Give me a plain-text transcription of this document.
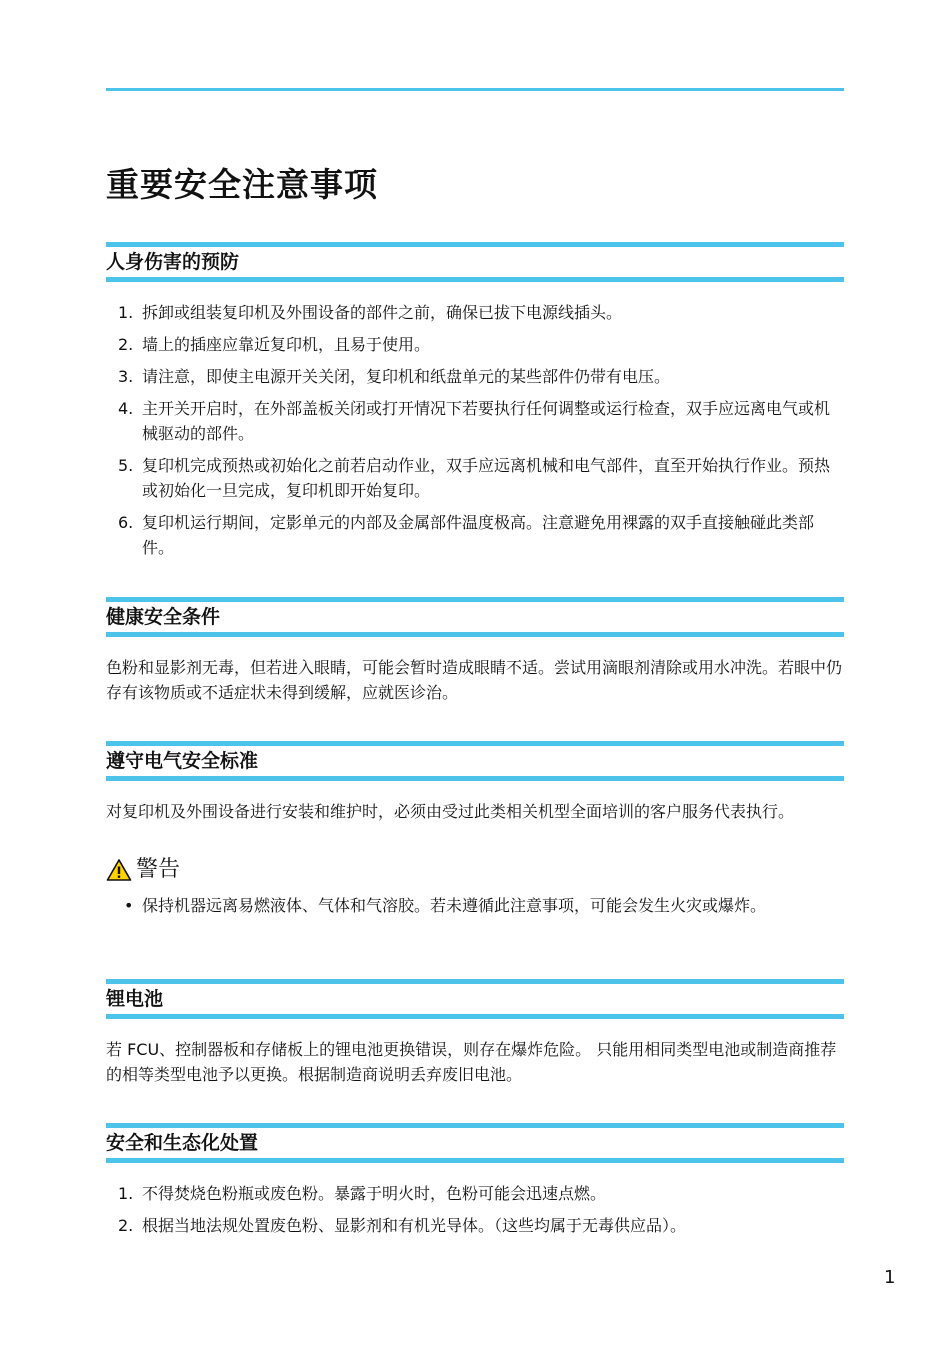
重要安全注意事项
人身伤害的预防
1. 拆卸或组装复印机及外围设备的部件之前，确保已拔下电源线插头。
2. 墙上的插座应靠近复印机，且易于使用。
3. 请注意，即使主电源开关关闭，复印机和纸盘单元的某些部件仍带有电压。
4. 主开关开启时，在外部盖板关闭或打开情况下若要执行任何调整或运行检查，双手应远离电气或机械驱动的部件。
5. 复印机完成预热或初始化之前若启动作业，双手应远离机械和电气部件，直至开始执行作业。预热或初始化一旦完成，复印机即开始复印。
6. 复印机运行期间，定影单元的内部及金属部件温度极高。注意避免用裸露的双手直接触碰此类部件。
健康安全条件

色粉和显影剂无毒，但若进入眼睛，可能会暂时造成眼睛不适。尝试用滴眼剂清除或用水冲洗。若眼中仍存有该物质或不适症状未得到缓解，应就医诊治。

遵守电气安全标准

对复印机及外围设备进行安装和维护时，必须由受过此类相关机型全面培训的客户服务代表执行。

警告
• 保持机器远离易燃液体、气体和气溶胶。若未遵循此注意事项，可能会发生火灾或爆炸。
锂电池

若 FCU、控制器板和存储板上的锂电池更换错误，则存在爆炸危险。 只能用相同类型电池或制造商推荐的相等类型电池予以更换。根据制造商说明丢弃废旧电池。

安全和生态化处置
1. 不得焚烧色粉瓶或废色粉。暴露于明火时，色粉可能会迅速点燃。
2. 根据当地法规处置废色粉、显影剂和有机光导体。（这些均属于无毒供应品）。
1
